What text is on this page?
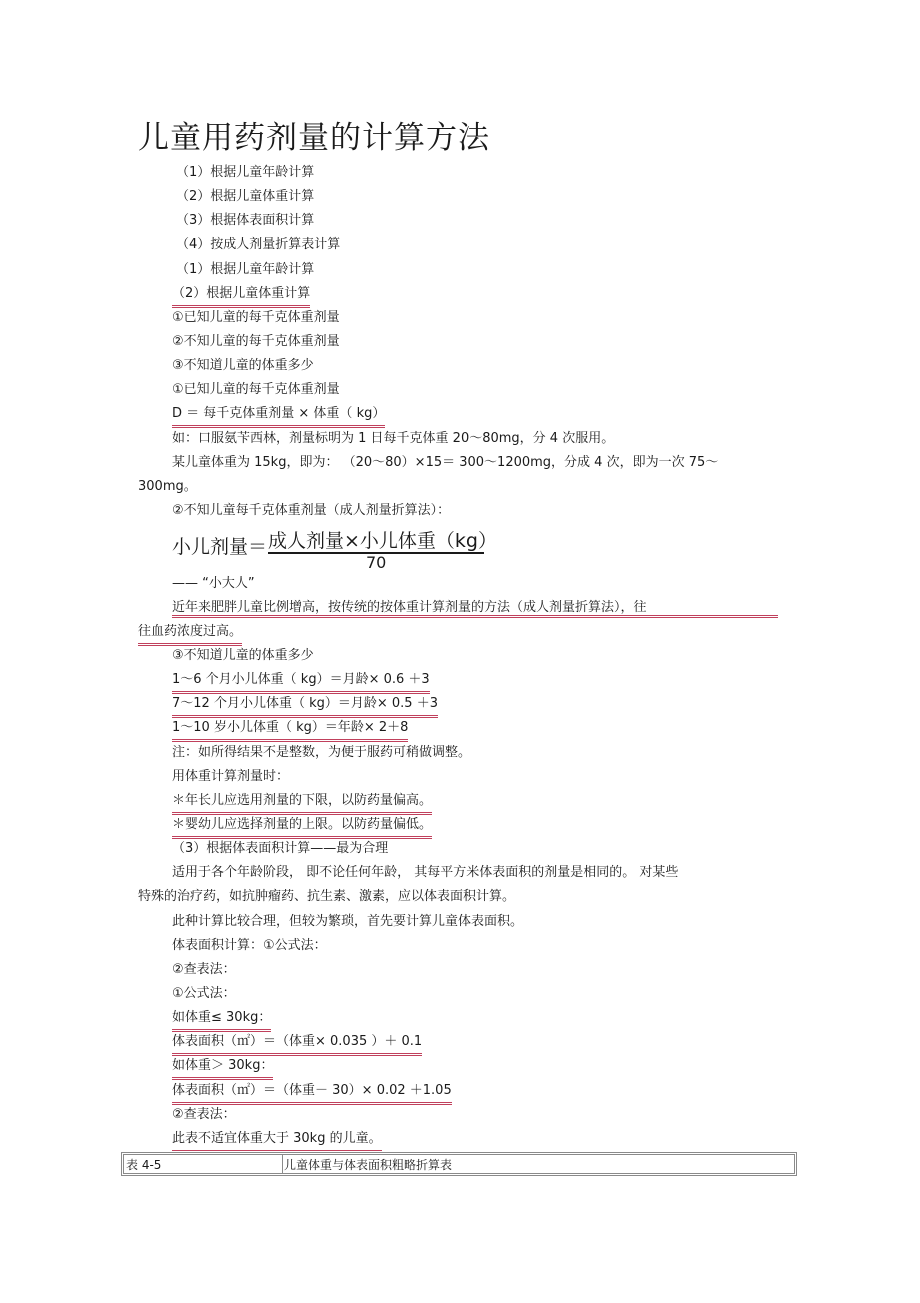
儿童用药剂量的计算方法
（1）根据儿童年龄计算
（2）根据儿童体重计算
（3）根据体表面积计算
（4）按成人剂量折算表计算
（1）根据儿童年龄计算
（2）根据儿童体重计算
①已知儿童的每千克体重剂量
②不知儿童的每千克体重剂量
③不知道儿童的体重多少
①已知儿童的每千克体重剂量
D ＝ 每千克体重剂量 × 体重（ kg）
如：口服氨苄西林，剂量标明为 1 日每千克体重 20～80mg，分 4 次服用。
某儿童体重为 15kg，即为： （20～80）×15＝ 300～1200mg，分成 4 次，即为一次 75～
300mg。
②不知儿童每千克体重剂量（成人剂量折算法）：
小儿剂量＝ 成人剂量×小儿体重（kg）
70
—— “小大人”
近年来肥胖儿童比例增高，按传统的按体重计算剂量的方法（成人剂量折算法），往
往血药浓度过高。
③不知道儿童的体重多少
1～6 个月小儿体重（ kg）＝月龄× 0.6 ＋3
7～12 个月小儿体重（ kg）＝月龄× 0.5 ＋3
1～10 岁小儿体重（ kg）＝年龄× 2＋8
注：如所得结果不是整数，为便于服药可稍做调整。
用体重计算剂量时：
＊年长儿应选用剂量的下限，以防药量偏高。
＊婴幼儿应选择剂量的上限。以防药量偏低。
（3）根据体表面积计算——最为合理
适用于各个年龄阶段， 即不论任何年龄， 其每平方米体表面积的剂量是相同的。 对某些
特殊的治疗药，如抗肿瘤药、抗生素、激素，应以体表面积计算。
此种计算比较合理，但较为繁琐，首先要计算儿童体表面积。
体表面积计算：①公式法：
②查表法：
①公式法：
如体重≤ 30kg：
体表面积（㎡）＝（体重× 0.035 ）＋ 0.1
如体重＞ 30kg：
体表面积（㎡）＝（体重－ 30）× 0.02 ＋1.05
②查表法：
此表不适宜体重大于 30kg 的儿童。
表 4-5	儿童体重与体表面积粗略折算表
